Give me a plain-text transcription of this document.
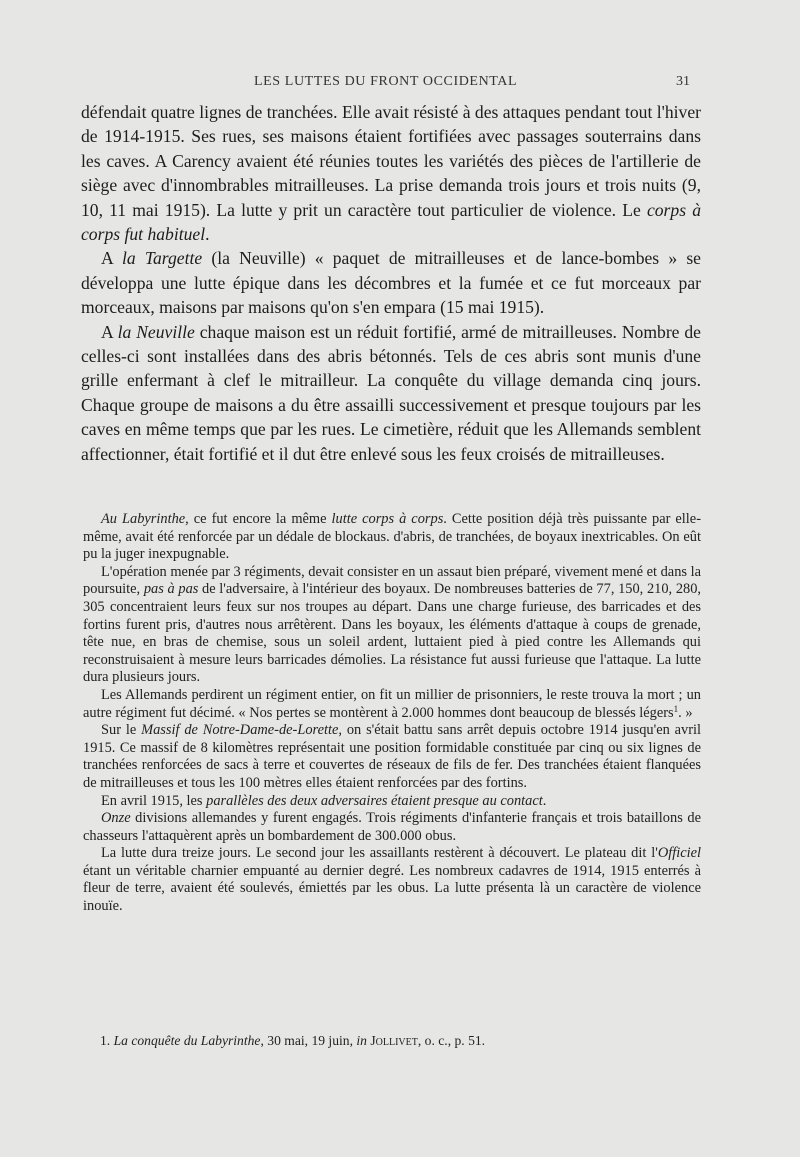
LES LUTTES DU FRONT OCCIDENTAL	31

défendait quatre lignes de tranchées. Elle avait résisté à des attaques pendant tout l'hiver de 1914-1915. Ses rues, ses maisons étaient fortifiées avec passages souterrains dans les caves. A Carency avaient été réunies toutes les variétés des pièces de l'artillerie de siège avec d'innombrables mitrailleuses. La prise demanda trois jours et trois nuits (9, 10, 11 mai 1915). La lutte y prit un caractère tout particulier de violence. Le corps à corps fut habituel.

A la Targette (la Neuville) « paquet de mitrailleuses et de lance-bombes » se développa une lutte épique dans les décombres et la fumée et ce fut morceaux par morceaux, maisons par maisons qu'on s'en empara (15 mai 1915).

A la Neuville chaque maison est un réduit fortifié, armé de mitrailleuses. Nombre de celles-ci sont installées dans des abris bétonnés. Tels de ces abris sont munis d'une grille enfermant à clef le mitrailleur. La conquête du village demanda cinq jours. Chaque groupe de maisons a du être assailli successivement et presque toujours par les caves en même temps que par les rues. Le cimetière, réduit que les Allemands semblent affectionner, était fortifié et il dut être enlevé sous les feux croisés de mitrailleuses.

Au Labyrinthe, ce fut encore la même lutte corps à corps. Cette position déjà très puissante par elle-même, avait été renforcée par un dédale de blockaus. d'abris, de tranchées, de boyaux inextricables. On eût pu la juger inexpugnable.

L'opération menée par 3 régiments, devait consister en un assaut bien préparé, vivement mené et dans la poursuite, pas à pas de l'adversaire, à l'intérieur des boyaux. De nombreuses batteries de 77, 150, 210, 280, 305 concentraient leurs feux sur nos troupes au départ. Dans une charge furieuse, des barricades et des fortins furent pris, d'autres nous arrêtèrent. Dans les boyaux, les éléments d'attaque à coups de grenade, tête nue, en bras de chemise, sous un soleil ardent, luttaient pied à pied contre les Allemands qui reconstruisaient à mesure leurs barricades démolies. La résistance fut aussi furieuse que l'attaque. La lutte dura plusieurs jours.

Les Allemands perdirent un régiment entier, on fit un millier de prisonniers, le reste trouva la mort ; un autre régiment fut décimé. « Nos pertes se montèrent à 2.000 hommes dont beaucoup de blessés légers$^1$. »

Sur le Massif de Notre-Dame-de-Lorette, on s'était battu sans arrêt depuis octobre 1914 jusqu'en avril 1915. Ce massif de 8 kilomètres représentait une position formidable constituée par cinq ou six lignes de tranchées renforcées de sacs à terre et couvertes de réseaux de fils de fer. Des tranchées étaient flanquées de mitrailleuses et tous les 100 mètres elles étaient renforcées par des fortins.

En avril 1915, les parallèles des deux adversaires étaient presque au contact.

Onze divisions allemandes y furent engagés. Trois régiments d'infanterie français et trois bataillons de chasseurs l'attaquèrent après un bombardement de 300.000 obus.

La lutte dura treize jours. Le second jour les assaillants restèrent à découvert. Le plateau dit l'Officiel étant un véritable charnier empuanté au dernier degré. Les nombreux cadavres de 1914, 1915 enterrés à fleur de terre, avaient été soulevés, émiettés par les obus. La lutte présenta là un caractère de violence inouïe.

1. La conquête du Labyrinthe, 30 mai, 19 juin, in Jollivet, o. c., p. 51.
